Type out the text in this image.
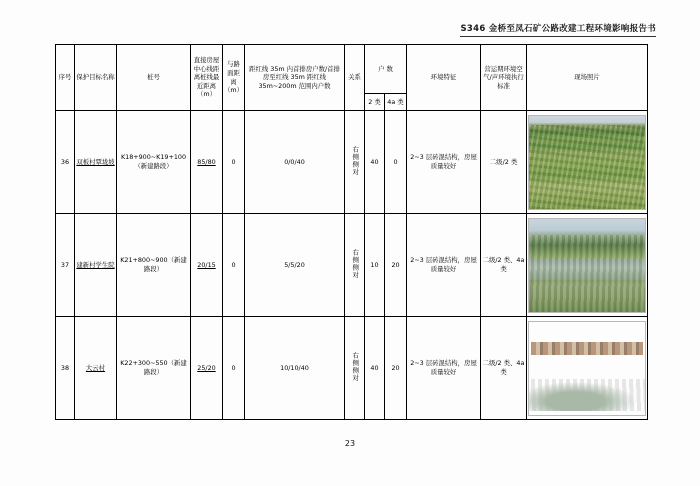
S346 金桥至凤石矿公路改建工程环境影响报告书
序号	保护目标名称	桩号	直接房屋中心线距离桩线最近距离（m）	与路面距离（m）	距红线 35m 内首排房户数/首排房至红线 35m 距红线 35m~200m 范围内户数	关系	户 数		环境特征	营运期环境空气/声环境执行标准	现场照片
							2 类	4a 类			
36	双板村覃垅坡	K18+900~K19+100（新建路段）	85/80	0	0/0/40	右侧侧对	40	0	2~3 层砖混结构，房屋质量较好	二级/2 类	

37	建新村学生院	K21+800~900（新建路段）	20/15	0	5/5/20	右侧侧对	10	20	2~3 层砖混结构，房屋质量较好	二级/2 类、4a 类	

38	大云村	K22+300~550（新建路段）	25/20	0	10/10/40	右侧侧对	40	20	2~3 层砖混结构，房屋质量较好	二级/2 类、4a 类	
23
